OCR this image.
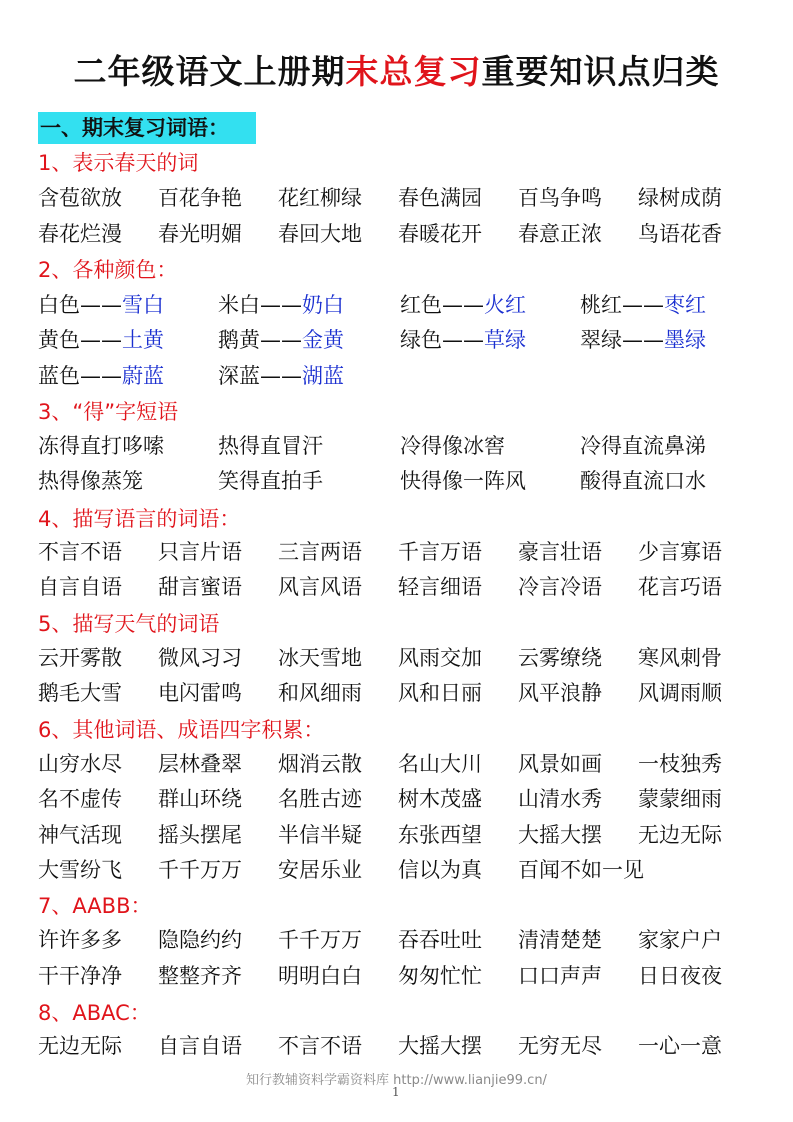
二年级语文上册期末总复习重要知识点归类
一、期末复习词语：
1、表示春天的词
含苞欲放 百花争艳 花红柳绿 春色满园 百鸟争鸣 绿树成荫
春花烂漫 春光明媚 春回大地 春暖花开 春意正浓 鸟语花香
2、各种颜色：
白色——雪白	米白——奶白	红色——火红	桃红——枣红
黄色——土黄	鹅黄——金黄	绿色——草绿	翠绿——墨绿
蓝色——蔚蓝	深蓝——湖蓝
3、“得”字短语
冻得直打哆嗦	热得直冒汗	冷得像冰窖	冷得直流鼻涕
热得像蒸笼	笑得直拍手	快得像一阵风	酸得直流口水
4、描写语言的词语：
不言不语 只言片语 三言两语 千言万语 豪言壮语 少言寡语
自言自语 甜言蜜语 风言风语 轻言细语 冷言冷语 花言巧语
5、描写天气的词语
云开雾散 微风习习 冰天雪地 风雨交加 云雾缭绕 寒风刺骨
鹅毛大雪 电闪雷鸣 和风细雨 风和日丽 风平浪静 风调雨顺
6、其他词语、成语四字积累：
山穷水尽 层林叠翠 烟消云散 名山大川 风景如画 一枝独秀
名不虚传 群山环绕 名胜古迹 树木茂盛 山清水秀 蒙蒙细雨
神气活现 摇头摆尾 半信半疑 东张西望 大摇大摆 无边无际
大雪纷飞 千千万万 安居乐业 信以为真 百闻不如一见
7、AABB：
许许多多 隐隐约约 千千万万 吞吞吐吐 清清楚楚 家家户户
干干净净 整整齐齐 明明白白 匆匆忙忙 口口声声 日日夜夜
8、ABAC：
无边无际 自言自语 不言不语 大摇大摆 无穷无尽 一心一意
知行教辅资料学霸资料库 http://www.lianjie99.cn/
1
